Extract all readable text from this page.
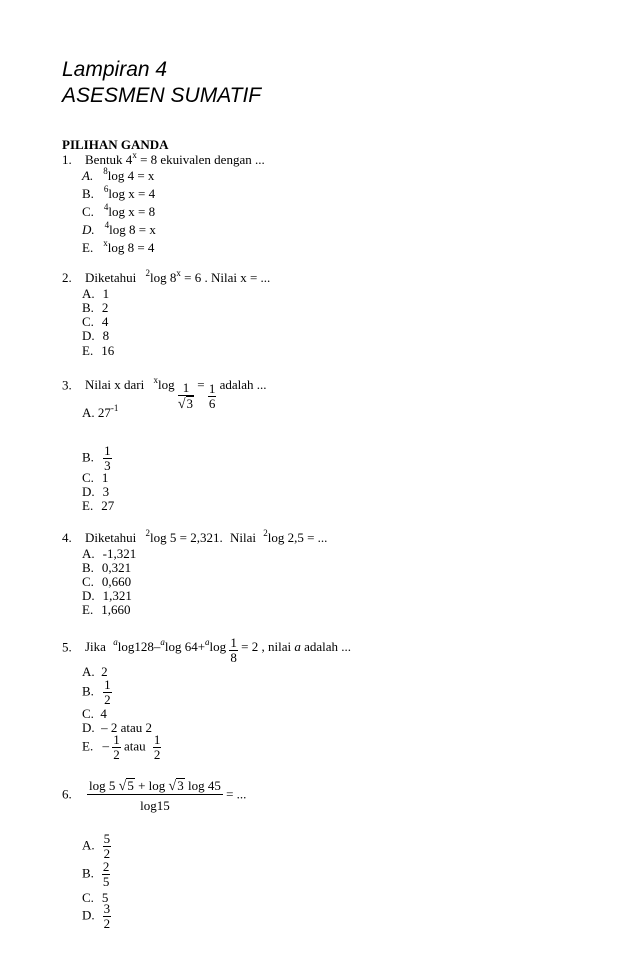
Lampiran 4
ASESMEN SUMATIF
PILIHAN GANDA
1. Bentuk $4^x = 8$ ekuivalen dengan ...
A. $^8$log 4 = x
B. $^6$log x = 4
C. $^4$log x = 8
D. $^4$log 8 = x
E. $^x$log 8 = 4
2. Diketahui $^2$log $8^x = 6$ . Nilai x = ...
A. 1
B. 2
C. 4
D. 8
E. 16
3. Nilai x dari $^x\log \frac{1}{√3} = \frac{1}{6}$ adalah ...
A. $27^{-1}$
B. $\frac{1}{3}$
C. 1
D. 3
E. 27
4. Diketahui $^2$log 5 = 2,321. Nilai $^2$log 2,5 = ...
A. -1,321
B. 0,321
C. 0,660
D. 1,321
E. 1,660
5. Jika $^a$log128–$^a$log $64+^a\log \frac{1}{8} = 2$ , nilai a adalah ...
A. 2
B. $\frac{1}{2}$
C. 4
D. – 2 atau 2
E. – $\frac{1}{2}$ atau $\frac{1}{2}$
6. $\frac{\log 5 √5 + \log √3 \log 45}{\log 15}$ = ...
A. $\frac{5}{2}$
B. $\frac{2}{5}$
C. 5
D. $\frac{3}{2}$
